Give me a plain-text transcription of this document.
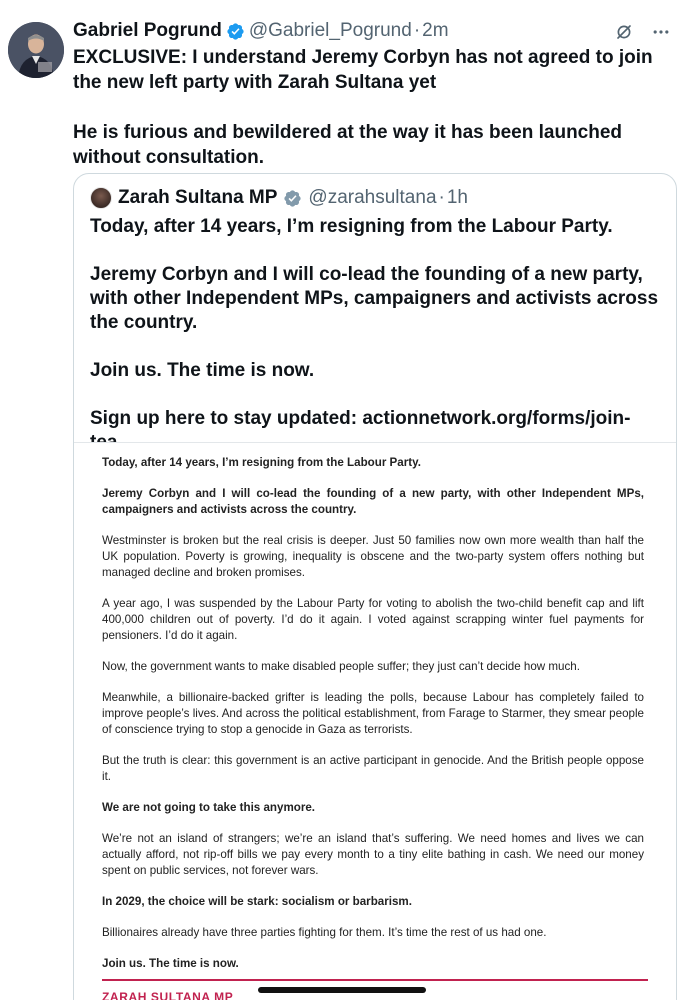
Gabriel Pogrund @Gabriel_Pogrund · 2m

EXCLUSIVE: I understand Jeremy Corbyn has not agreed to join the new left party with Zarah Sultana yet

He is furious and bewildered at the way it has been launched without consultation.

Zarah Sultana MP @zarahsultana · 1h

Today, after 14 years, I’m resigning from the Labour Party.

Jeremy Corbyn and I will co-lead the founding of a new party, with other Independent MPs, campaigners and activists across the country.

Join us. The time is now.

Sign up here to stay updated: actionnetwork.org/forms/join-

Today, after 14 years, I’m resigning from the Labour Party.

Jeremy Corbyn and I will co-lead the founding of a new party, with other Independent MPs, campaigners and activists across the country.

Westminster is broken but the real crisis is deeper. Just 50 families now own more wealth than half the UK population. Poverty is growing, inequality is obscene and the two-party system offers nothing but managed decline and broken promises.

A year ago, I was suspended by the Labour Party for voting to abolish the two-child benefit cap and lift 400,000 children out of poverty. I’d do it again. I voted against scrapping winter fuel payments for pensioners. I’d do it again.

Now, the government wants to make disabled people suffer; they just can’t decide how much.

Meanwhile, a billionaire-backed grifter is leading the polls, because Labour has completely failed to improve people’s lives. And across the political establishment, from Farage to Starmer, they smear people of conscience trying to stop a genocide in Gaza as terrorists.

But the truth is clear: this government is an active participant in genocide. And the British people oppose it.

We are not going to take this anymore.

We’re not an island of strangers; we’re an island that’s suffering. We need homes and lives we can actually afford, not rip-off bills we pay every month to a tiny elite bathing in cash. We need our money spent on public services, not forever wars.

In 2029, the choice will be stark: socialism or barbarism.

Billionaires already have three parties fighting for them. It’s time the rest of us had one.

Join us. The time is now.

ZARAH SULTANA MP
